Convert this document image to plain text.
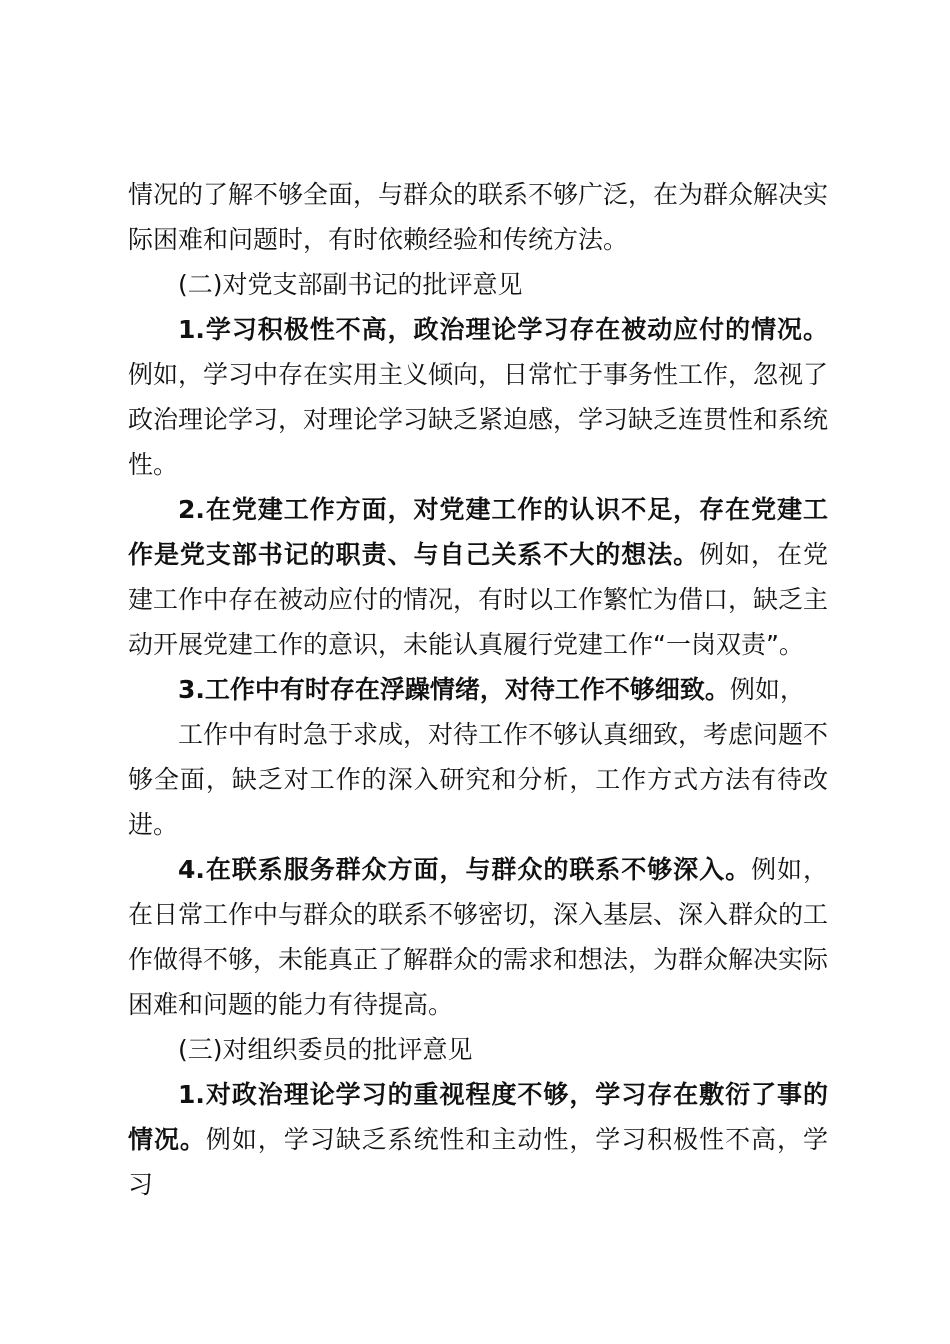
情况的了解不够全面，与群众的联系不够广泛，在为群众解决实际困难和问题时，有时依赖经验和传统方法。

(二)对党支部副书记的批评意见

1.学习积极性不高，政治理论学习存在被动应付的情况。例如，学习中存在实用主义倾向，日常忙于事务性工作，忽视了政治理论学习，对理论学习缺乏紧迫感，学习缺乏连贯性和系统性。

2.在党建工作方面，对党建工作的认识不足，存在党建工作是党支部书记的职责、与自己关系不大的想法。例如，在党建工作中存在被动应付的情况，有时以工作繁忙为借口，缺乏主动开展党建工作的意识，未能认真履行党建工作“一岗双责”。

3.工作中有时存在浮躁情绪，对待工作不够细致。例如，

工作中有时急于求成，对待工作不够认真细致，考虑问题不够全面，缺乏对工作的深入研究和分析，工作方式方法有待改进。

4.在联系服务群众方面，与群众的联系不够深入。例如，在日常工作中与群众的联系不够密切，深入基层、深入群众的工作做得不够，未能真正了解群众的需求和想法，为群众解决实际困难和问题的能力有待提高。

(三)对组织委员的批评意见

1.对政治理论学习的重视程度不够，学习存在敷衍了事的情况。例如，学习缺乏系统性和主动性，学习积极性不高，学习
